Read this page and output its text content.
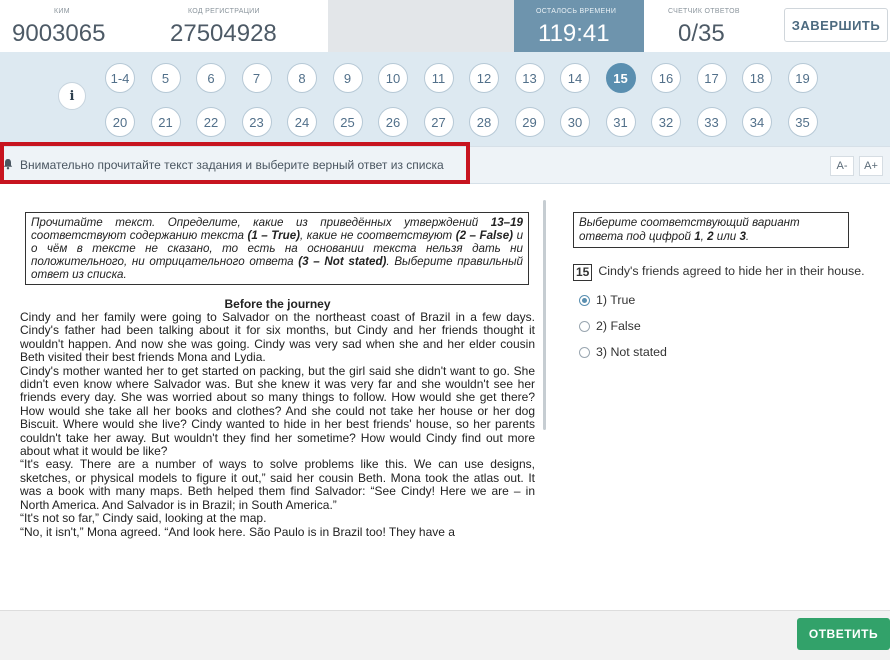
КИМ
9003065
КОД РЕГИСТРАЦИИ
27504928
ОСТАЛОСЬ ВРЕМЕНИ
119:41
СЧЕТЧИК ОТВЕТОВ
0/35	ЗАВЕРШИТЬ
i
1-4	5	6	7	8	9	10	11	12	13	14	15	16	17	18	19
20	21	22	23	24	25	26	27	28	29	30	31	32	33	34	35
Внимательно прочитайте текст задания и выберите верный ответ из списка	A-	A+
Прочитайте текст. Определите, какие из приведённых утверждений 13–19 соответствуют содержанию текста (1 – True), какие не соответствуют (2 – False) и о чём в тексте не сказано, то есть на основании текста нельзя дать ни положительного, ни отрицательного ответа (3 – Not stated). Выберите правильный ответ из списка.
Before the journey

Cindy and her family were going to Salvador on the northeast coast of Brazil in a few days. Cindy's father had been talking about it for six months, but Cindy and her friends thought it wouldn't happen. And now she was going. Cindy was very sad when she and her elder cousin Beth visited their best friends Mona and Lydia.

Cindy's mother wanted her to get started on packing, but the girl said she didn't want to go. She didn't even know where Salvador was. But she knew it was very far and she wouldn't see her friends every day. She was worried about so many things to follow. How would she get there? How would she take all her books and clothes? And she could not take her house or her dog Biscuit. Where would she live? Cindy wanted to hide in her best friends' house, so her parents couldn't take her away. But wouldn't they find her sometime? How would Cindy find out more about what it would be like?

“It's easy. There are a number of ways to solve problems like this. We can use designs, sketches, or physical models to figure it out,” said her cousin Beth. Mona took the atlas out. It was a book with many maps. Beth helped them find Salvador: “See Cindy! Here we are – in North America. And Salvador is in Brazil; in South America.”

“It's not so far,” Cindy said, looking at the map.

“No, it isn't,” Mona agreed. “And look here. São Paulo is in Brazil too! They have a

Выберите соответствующий вариант ответа под цифрой 1, 2 или 3.
15 Cindy's friends agreed to hide her in their house.
1) True
2) False
3) Not stated
ОТВЕТИТЬ
